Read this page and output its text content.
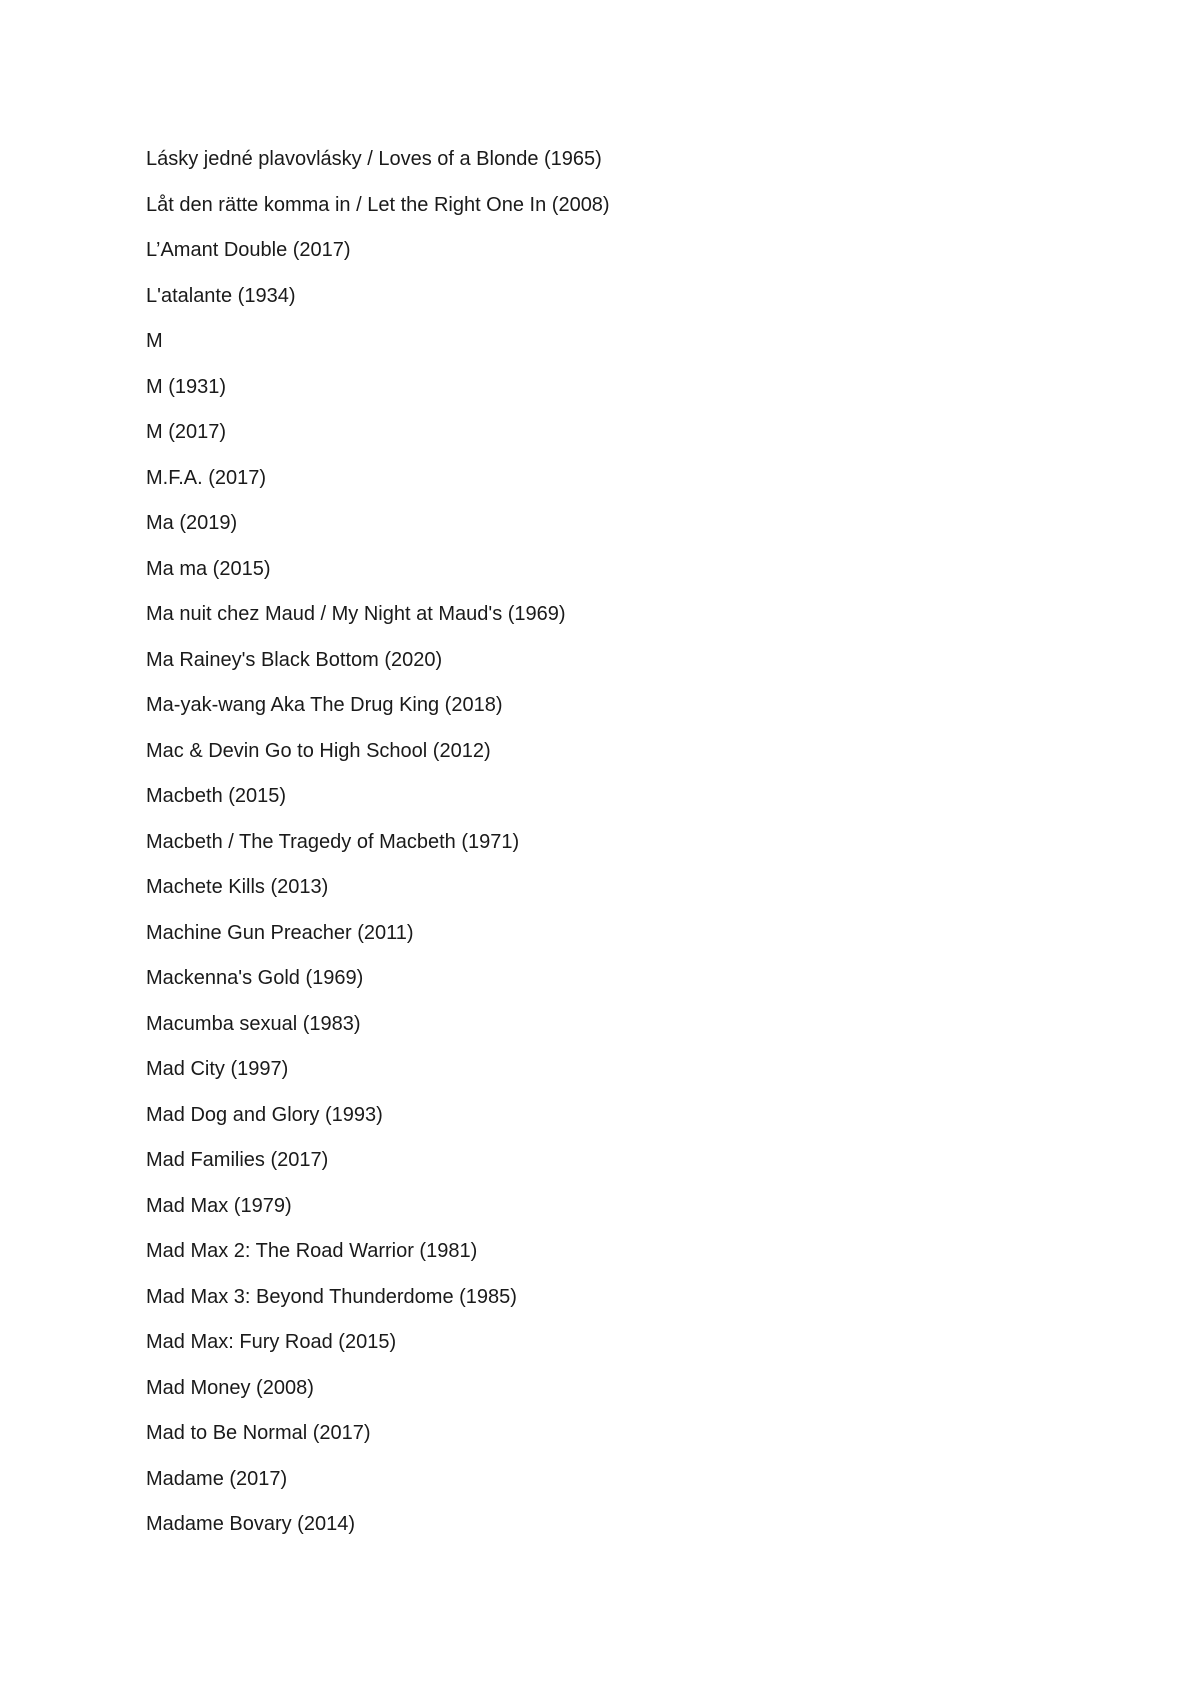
Lásky jedné plavovlásky / Loves of a Blonde (1965)
Låt den rätte komma in / Let the Right One In (2008)
L’Amant Double (2017)
L'atalante (1934)
M
M (1931)
M (2017)
M.F.A. (2017)
Ma (2019)
Ma ma (2015)
Ma nuit chez Maud / My Night at Maud's (1969)
Ma Rainey's Black Bottom (2020)
Ma-yak-wang Aka The Drug King (2018)
Mac & Devin Go to High School (2012)
Macbeth (2015)
Macbeth / The Tragedy of Macbeth (1971)
Machete Kills (2013)
Machine Gun Preacher (2011)
Mackenna's Gold (1969)
Macumba sexual (1983)
Mad City (1997)
Mad Dog and Glory (1993)
Mad Families (2017)
Mad Max (1979)
Mad Max 2: The Road Warrior (1981)
Mad Max 3: Beyond Thunderdome (1985)
Mad Max: Fury Road (2015)
Mad Money (2008)
Mad to Be Normal (2017)
Madame (2017)
Madame Bovary (2014)
